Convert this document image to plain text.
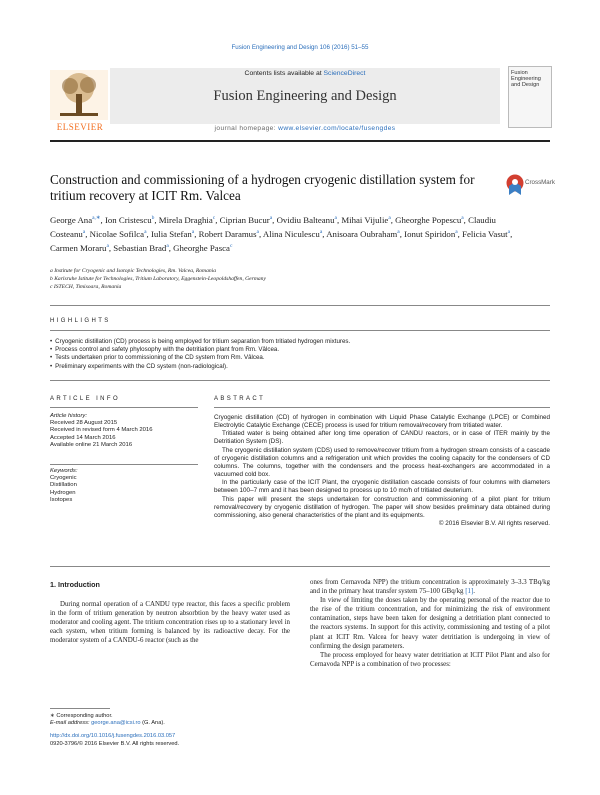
Fusion Engineering and Design 106 (2016) 51–55
Contents lists available at ScienceDirect
Fusion Engineering and Design
journal homepage: www.elsevier.com/locate/fusengdes
ELSEVIER
Fusion Engineering and Design
Construction and commissioning of a hydrogen cryogenic distillation system for tritium recovery at ICIT Rm. Valcea
CrossMark
George Ana$^{a,∗}$, Ion Cristescu$^b$, Mirela Draghia$^c$, Ciprian Bucur$^a$, Ovidiu Balteanu$^a$, Mihai Vijulie$^a$, Gheorghe Popescu$^a$, Claudiu Costeanu$^a$, Nicolae Sofilca$^a$, Iulia Stefan$^a$, Robert Daramus$^a$, Alina Niculescu$^a$, Anisoara Oubraham$^a$, Ionut Spiridon$^a$, Felicia Vasut$^a$, Carmen Moraru$^a$, Sebastian Brad$^a$, Gheorghe Pasca$^c$
a Institute for Cryogenic and Isotopic Technologies, Rm. Valcea, Romania
b Karlsruhe Istitute for Technologies, Tritium Laboratory, Eggenstein-Leopoldshaffen, Germany
c ISTECH, Timisoara, Romania
HIGHLIGHTS
• Cryogenic distillation (CD) process is being employed for tritium separation from tritiated hydrogen mixtures.
• Process control and safety phylosophy with the detritiation plant from Rm. Vâlcea.
• Tests undertaken prior to commissioning of the CD system from Rm. Vâlcea.
• Preliminary experiments with the CD system (non-radiological).
ARTICLE INFO
Article history:
Received 28 August 2015
Received in revised form 4 March 2016
Accepted 14 March 2016
Available online 21 March 2016
Keywords:
Cryogenic
Distillation
Hydrogen
Isotopes
ABSTRACT

Cryogenic distillation (CD) of hydrogen in combination with Liquid Phase Catalytic Exchange (LPCE) or Combined Electrolytic Catalytic Exchange (CECE) process is used for tritium removal/recovery from tritiated water.

Tritiated water is being obtained after long time operation of CANDU reactors, or in case of ITER mainly by the Detritiation System (DS).

The cryogenic distillation system (CDS) used to remove/recover tritium from a hydrogen stream consists of a cascade of cryogenic distillation columns and a refrigeration unit which provides the cooling capacity for the condensers of CD columns. The columns, together with the condensers and the process heat-exchangers are accommodated in a vacuumed cold box.

In the particularly case of the ICIT Plant, the cryogenic distillation cascade consists of four columns with diameters between 100–7 mm and it has been designed to process up to 10 mc/h of tritiated deuterium.

This paper will present the steps undertaken for construction and commissioning of a pilot plant for tritium removal/recovery by cryogenic distillation of hydrogen. The paper will show besides preliminary data obtained during commissioning, also general characteristics of the plant and its equipments.

© 2016 Elsevier B.V. All rights reserved.
1. Introduction

During normal operation of a CANDU type reactor, this faces a specific problem in the form of tritium generation by neutron absorbtion by the heavy water used as moderator and cooling agent. The tritium concentration rises up to a stationary level in each system, when tritium forming is balanced by its radioactive decay. For the moderator system of a CANDU-6 reactor (such as the

ones from Cernavoda NPP) the tritium concentration is approximately 3–3.3 TBq/kg and in the primary heat transfer system 75–100 GBq/kg [1].

In view of limiting the doses taken by the operating personal of the reactor due to the rise of the tritium concentration, and for minimizing the risk of environment contamination, steps have been taken for designing a detritiation plant connected to the reactors systems. In support for this activity, commissioning and testing of a pilot plant at ICIT Rm. Valcea for heavy water detritiation is undergoing in view of confirming the design parameters.

The process employed for heavy water detritiation at ICIT Pilot Plant and also for Cernavoda NPP is a combination of two processes:

∗ Corresponding author.
E-mail address: george.ana@icsi.ro (G. Ana).
http://dx.doi.org/10.1016/j.fusengdes.2016.03.057
0920-3796/© 2016 Elsevier B.V. All rights reserved.
